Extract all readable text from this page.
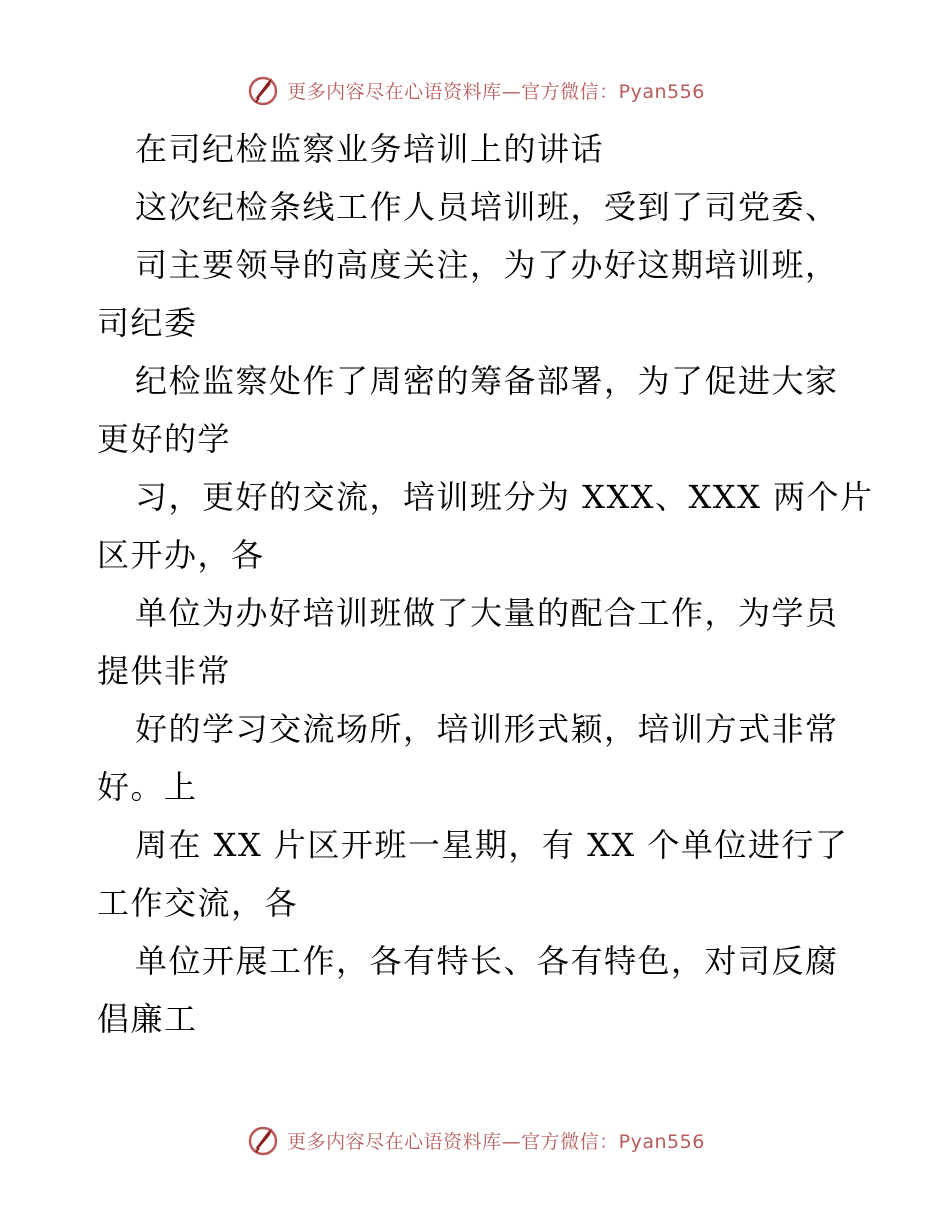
更多内容尽在心语资料库—官方微信：Pyan556
在司纪检监察业务培训上的讲话
这次纪检条线工作人员培训班，受到了司党委、
司主要领导的高度关注，为了办好这期培训班，
司纪委
纪检监察处作了周密的筹备部署，为了促进大家
更好的学
习，更好的交流，培训班分为 XXX、XXX 两个片
区开办，各
单位为办好培训班做了大量的配合工作，为学员
提供非常
好的学习交流场所，培训形式颖，培训方式非常
好。上
周在 XX 片区开班一星期，有 XX 个单位进行了
工作交流，各
单位开展工作，各有特长、各有特色，对司反腐
倡廉工
更多内容尽在心语资料库—官方微信：Pyan556
